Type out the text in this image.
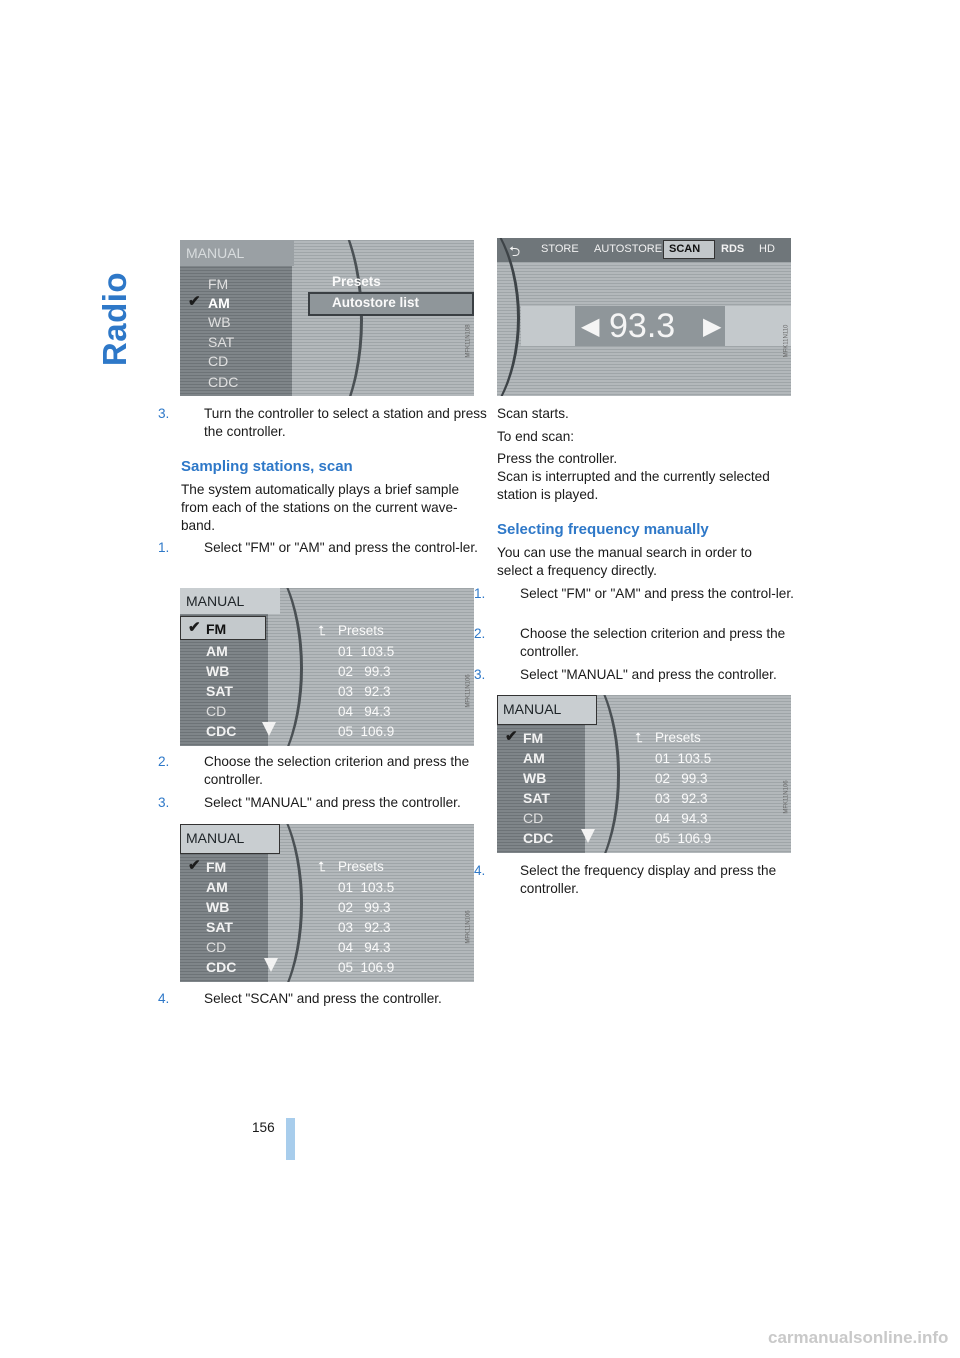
Radio
MANUAL
FM
✔ AM
WB
SAT
CD
CDC
Presets
Autostore list
MFK11N108
⮌ STORE AUTOSTORE SCAN RDS HD
◀ 93.3 ▶	MFK11N110
3.	Turn the controller to select a station and press the controller.
Sampling stations, scan
The system automatically plays a brief sample from each of the stations on the current wave-band.
1.	Select "FM" or "AM" and press the control-ler.
MANUAL
✔ FM
AM
WB
SAT
CD
CDC
⮤ Presets
01  103.5
02   99.3
03   92.3
04   94.3
05  106.9
MFK11N106
2.	Choose the selection criterion and press the controller.
3.	Select "MANUAL" and press the controller.
MANUAL
✔ FM
AM
WB
SAT
CD
CDC
⮤ Presets
01  103.5
02   99.3
03   92.3
04   94.3
05  106.9
MFK11N106
4.	Select "SCAN" and press the controller.
Scan starts.
To end scan:
Press the controller.
Scan is interrupted and the currently selected station is played.
Selecting frequency manually
You can use the manual search in order to select a frequency directly.
1.	Select "FM" or "AM" and press the control-ler.
2.	Choose the selection criterion and press the controller.
3.	Select "MANUAL" and press the controller.
MANUAL
✔ FM
AM
WB
SAT
CD
CDC
⮤ Presets
01  103.5
02   99.3
03   92.3
04   94.3
05  106.9
MFK11N106
4.	Select the frequency display and press the controller.
156
carmanualsonline.info
